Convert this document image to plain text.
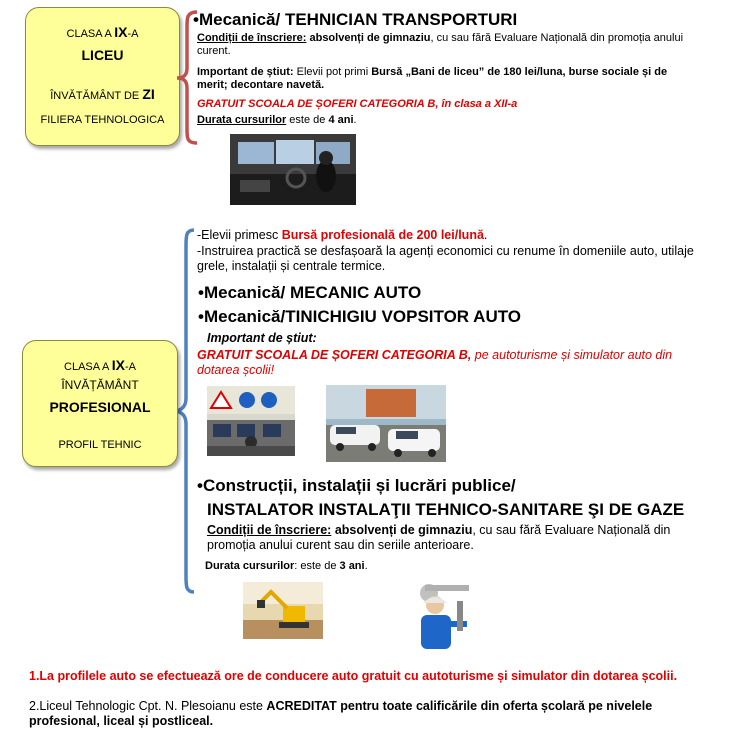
CLASA A IX-A
LICEU
ÎNVĂTĂMÂNT DE ZI
FILIERA TEHNOLOGICA
•Mecanică/ TEHNICIAN TRANSPORTURI
Condiții de înscriere: absolvenți de gimnaziu, cu sau fără Evaluare Națională din promoția anului curent.
Important de știut: Elevii pot primi Bursă „Bani de liceu” de 180 lei/luna, burse sociale și de merit; decontare navetă.
GRATUIT SCOALA DE ȘOFERI CATEGORIA B, în clasa a XII-a
Durata cursurilor este de 4 ani.
-Elevii primesc Bursă profesională de 200 lei/lună.
-Instruirea practică se desfașoară la agenți economici cu renume în domeniile auto, utilaje grele, instalații și centrale termice.
•Mecanică/ MECANIC AUTO
•Mecanică/TINICHIGIU VOPSITOR AUTO
Important de știut:
GRATUIT SCOALA DE ȘOFERI CATEGORIA B, pe autoturisme și simulator auto din dotarea școlii!
CLASA A IX-A
ÎNVĂȚĂMÂNT
PROFESIONAL
PROFIL TEHNIC
•Construcții, instalații și lucrări publice/
INSTALATOR INSTALAŢII TEHNICO-SANITARE ŞI DE GAZE
Condiții de înscriere: absolvenți de gimnaziu, cu sau fără Evaluare Națională din promoția anului curent sau din seriile anterioare.
Durata cursurilor: este de 3 ani.
1.La profilele auto se efectuează ore de conducere auto gratuit cu autoturisme și simulator din dotarea școlii.
2.Liceul Tehnologic Cpt. N. Plesoianu este ACREDITAT pentru toate calificările din oferta școlară pe nivelele profesional, liceal și postliceal.
